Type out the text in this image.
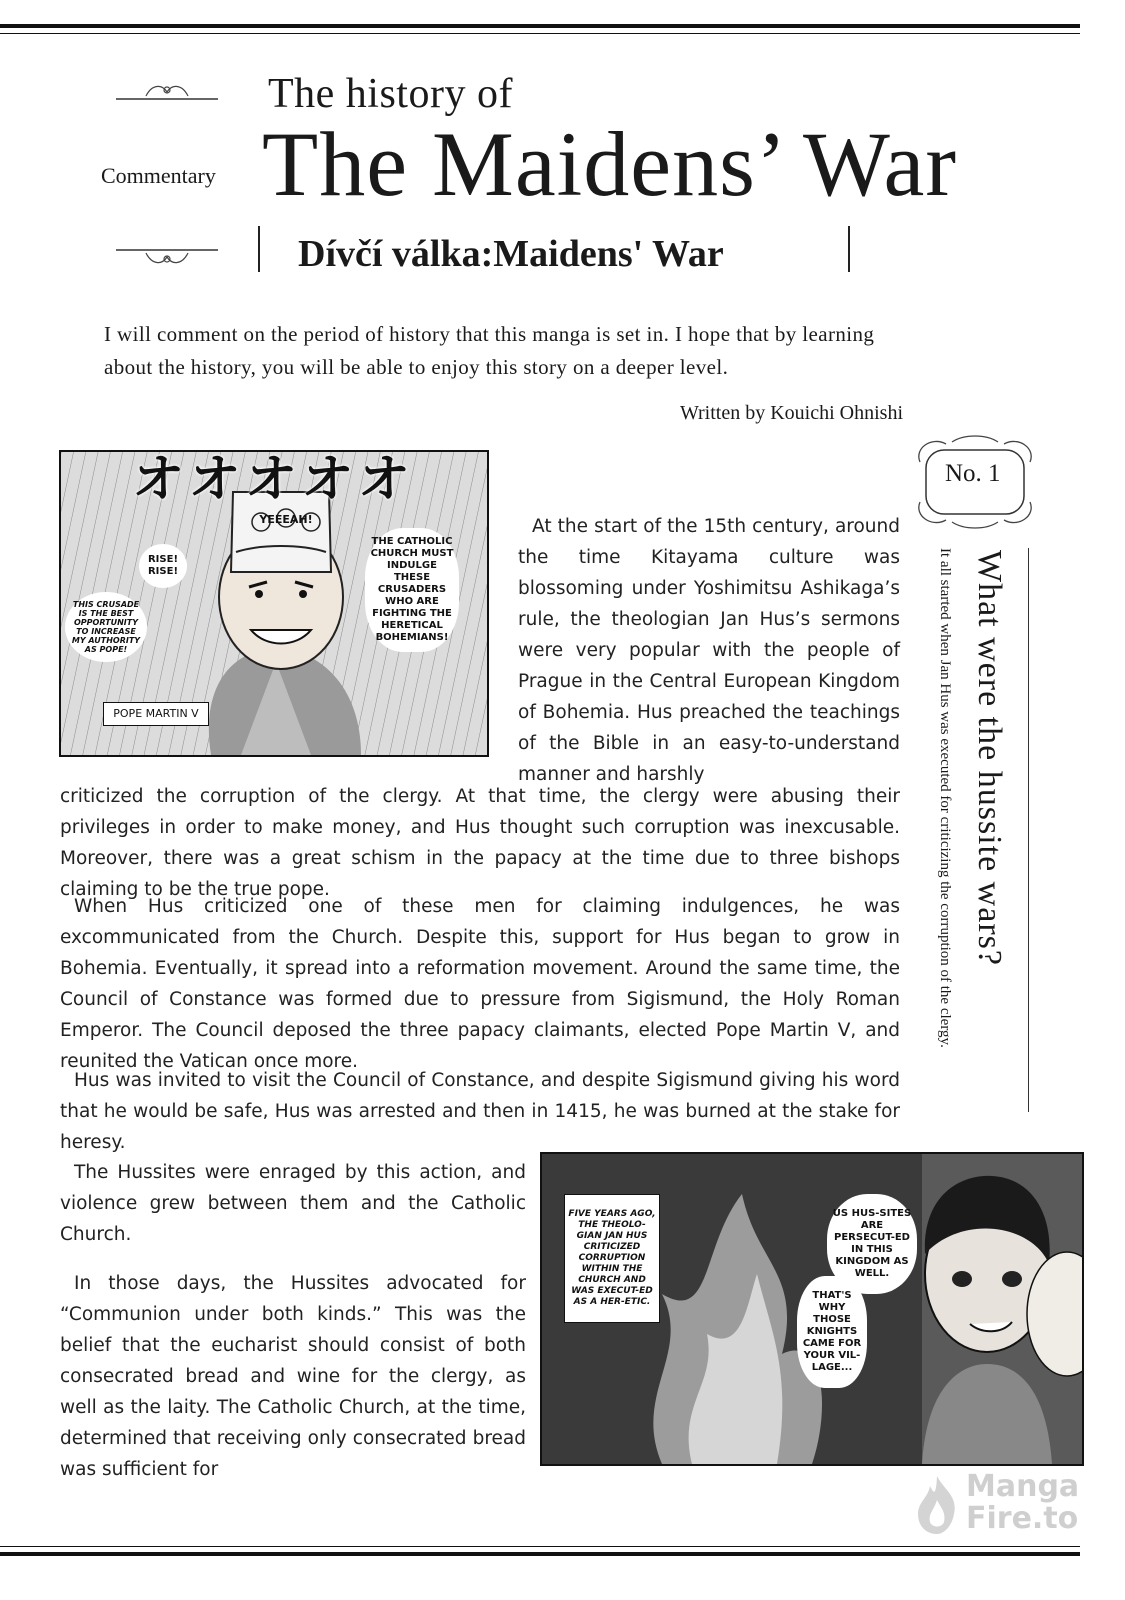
The history of
The Maidens’ War
Commentary
Dívčí válka:Maidens' War
I will comment on the period of history that this manga is set in. I hope that by learning about the history, you will be able to enjoy this story on a deeper level.
Written by Kouichi Ohnishi
No. 1
What were the hussite wars?
It all started when Jan Hus was executed for criticizing the corruption of the clergy.
オオオオオ
YEEEAH!
RISE! RISE!
THIS CRUSADE IS THE BEST OPPORTUNITY TO INCREASE MY AUTHORITY AS POPE!
THE CATHOLIC CHURCH MUST INDULGE THESE CRUSADERS WHO ARE FIGHTING THE HERETICAL BOHEMIANS!
POPE MARTIN V
At the start of the 15th century, around the time Kitayama culture was blossoming under Yoshimitsu Ashikaga’s rule, the theologian Jan Hus’s sermons were very popular with the people of Prague in the Central European Kingdom of Bohemia. Hus preached the teachings of the Bible in an easy-to-understand manner and harshly
criticized the corruption of the clergy. At that time, the clergy were abusing their privileges in order to make money, and Hus thought such corruption was inexcusable. Moreover, there was a great schism in the papacy at the time due to three bishops claiming to be the true pope.
When Hus criticized one of these men for claiming indulgences, he was excommunicated from the Church. Despite this, support for Hus began to grow in Bohemia. Eventually, it spread into a reformation movement. Around the same time, the Council of Constance was formed due to pressure from Sigismund, the Holy Roman Emperor. The Council deposed the three papacy claimants, elected Pope Martin V, and reunited the Vatican once more.
Hus was invited to visit the Council of Constance, and despite Sigismund giving his word that he would be safe, Hus was arrested and then in 1415, he was burned at the stake for heresy.
The Hussites were enraged by this action, and violence grew between them and the Catholic Church.
In those days, the Hussites advocated for “Communion under both kinds.” This was the belief that the eucharist should consist of both consecrated bread and wine for the clergy, as well as the laity. The Catholic Church, at the time, determined that receiving only consecrated bread was sufficient for
FIVE YEARS AGO, THE THEOLO-GIAN JAN HUS CRITICIZED CORRUPTION WITHIN THE CHURCH AND WAS EXECUT-ED AS A HER-ETIC.
US HUS-SITES ARE PERSECUT-ED IN THIS KINGDOM AS WELL.
THAT'S WHY THOSE KNIGHTS CAME FOR YOUR VIL-LAGE...
Manga
Fire.to
